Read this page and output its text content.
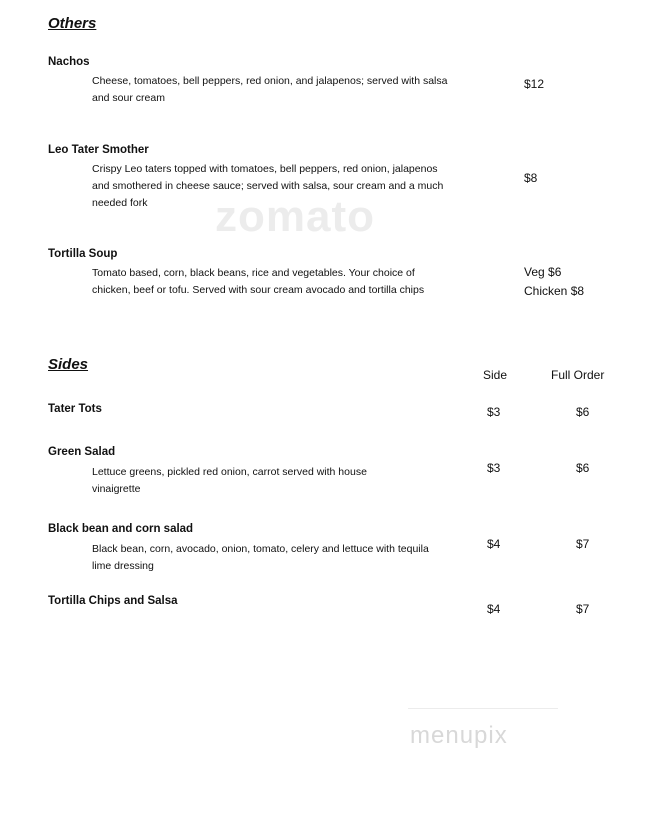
zomato
menupix
Others
Nachos
Cheese, tomatoes, bell peppers, red onion, and jalapenos; served with salsa and sour cream
$12
Leo Tater Smother
Crispy Leo taters topped with tomatoes, bell peppers, red onion, jalapenos and smothered in cheese sauce; served with salsa, sour cream and a much needed fork
$8
Tortilla Soup
Tomato based, corn, black beans, rice and vegetables. Your choice of chicken, beef or tofu. Served with sour cream avocado and tortilla chips
Veg $6
Chicken $8
Sides
Side	Full Order
Tater Tots	$3	$6
Green Salad
Lettuce greens, pickled red onion, carrot served with house vinaigrette
$3	$6
Black bean and corn salad
Black bean, corn, avocado, onion, tomato, celery and lettuce with tequila   lime dressing
$4	$7
Tortilla Chips and Salsa
$4	$7
